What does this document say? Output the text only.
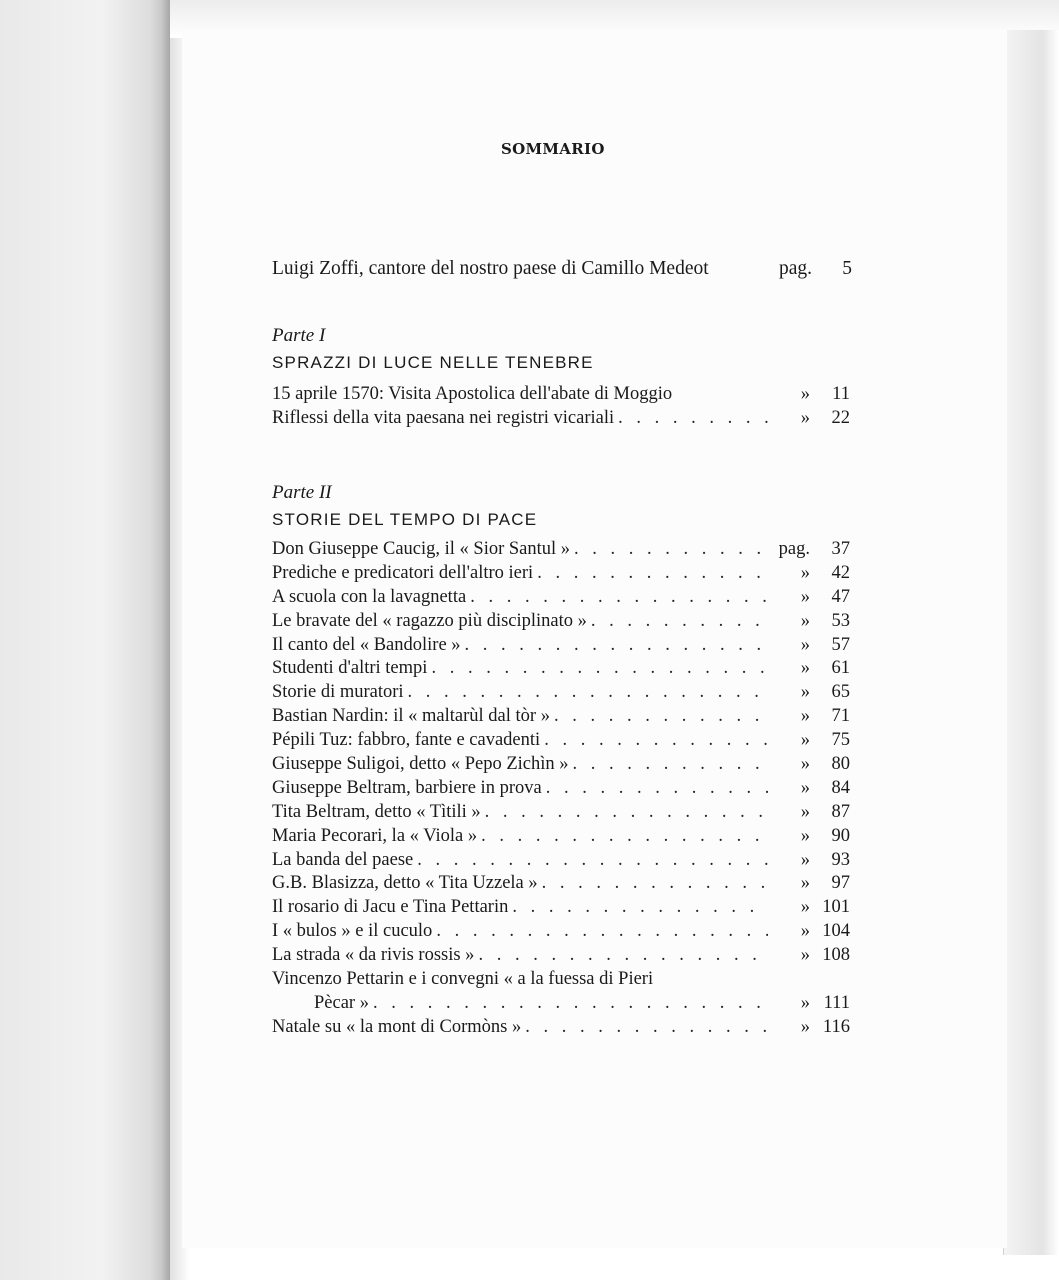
SOMMARIO
Luigi Zoffi, cantore del nostro paese di Camillo Medeot	pag.	5
Parte I
SPRAZZI DI LUCE NELLE TENEBRE
15 aprile 1570: Visita Apostolica dell'abate di Moggio	»	11
Riflessi della vita paesana nei registri vicariali . . .	»	22
Parte II
STORIE DEL TEMPO DI PACE
Don Giuseppe Caucig, il « Sior Santul » . . .	pag.	37
Prediche e predicatori dell'altro ieri . . .	»	42
A scuola con la lavagnetta . . .	»	47
Le bravate del « ragazzo più disciplinato » . . .	»	53
Il canto del « Bandolire » . . .	»	57
Studenti d'altri tempi . . .	»	61
Storie di muratori . . .	»	65
Bastian Nardin: il « maltarùl dal tòr » . . .	»	71
Pépili Tuz: fabbro, fante e cavadenti . . .	»	75
Giuseppe Suligoi, detto « Pepo Zichìn » . . .	»	80
Giuseppe Beltram, barbiere in prova . . .	»	84
Tita Beltram, detto « Tìtili » . . .	»	87
Maria Pecorari, la « Viola » . . .	»	90
La banda del paese . . .	»	93
G.B. Blasizza, detto « Tita Uzzela » . . .	»	97
Il rosario di Jacu e Tina Pettarin . . .	» 101
I « bulos » e il cuculo . . .	» 104
La strada « da rivis rossis » . . .	» 108
Vincenzo Pettarin e i convegni « a la fuessa di Pieri
Pècar » . . .	» 111
Natale su « la mont di Cormòns » . . .	» 116
